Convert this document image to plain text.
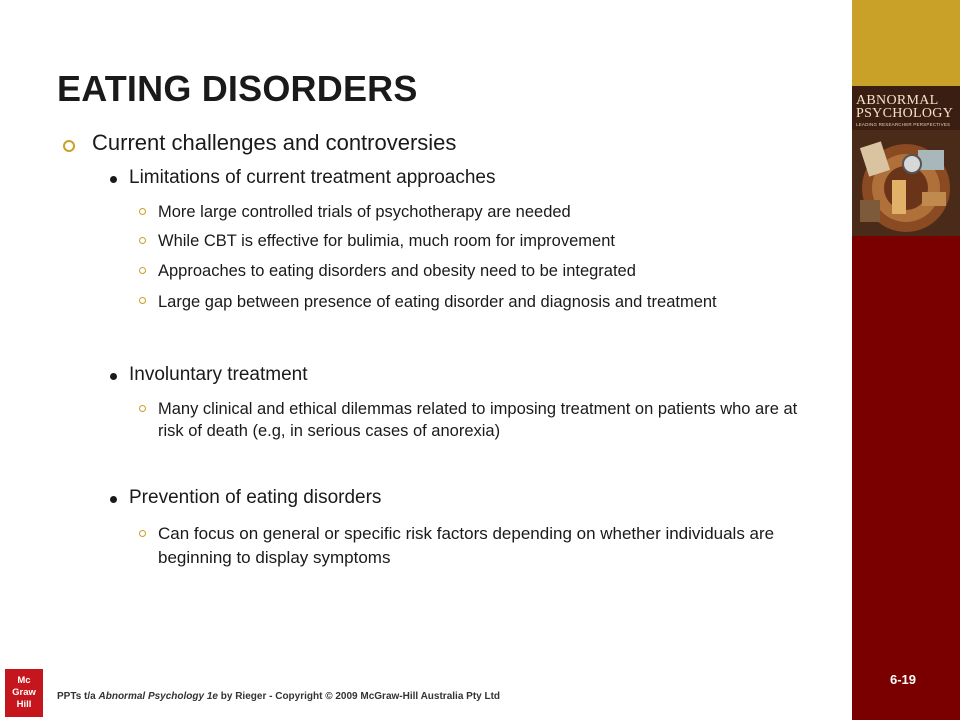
ABNORMAL
PSYCHOLOGY
LEADING RESEARCHER PERSPECTIVES
6-19
EATING DISORDERS
Current challenges and controversies
Limitations of current treatment approaches
More large controlled trials of psychotherapy are needed
While CBT is effective for bulimia, much room for improvement
Approaches to eating disorders and obesity need to be integrated
Large gap between presence of eating disorder and diagnosis and treatment
Involuntary treatment
Many clinical and ethical dilemmas related to imposing treatment on patients who are at risk of death (e.g, in serious cases of anorexia)
Prevention of eating disorders
Can focus on general or specific risk factors depending on whether individuals are beginning to display symptoms
Mc
Graw
Hill
PPTs t/a Abnormal Psychology 1e by Rieger - Copyright © 2009 McGraw-Hill Australia Pty Ltd
